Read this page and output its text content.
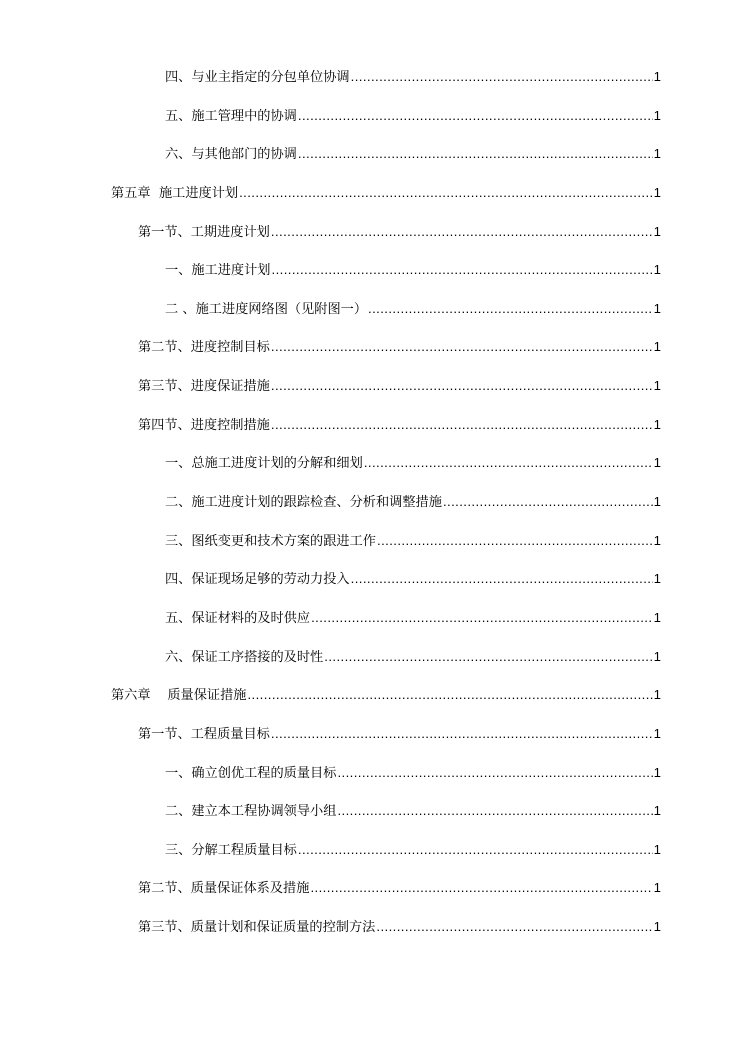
四、与业主指定的分包单位协调 .....	1
五、施工管理中的协调 .....	1
六、与其他部门的协调 .....	1
第五章  施工进度计划 .....	1
第一节、工期进度计划 .....	1
一、施工进度计划 .....	1
二 、施工进度网络图（见附图一） .....	1
第二节、进度控制目标 .....	1
第三节、进度保证措施 .....	1
第四节、进度控制措施 .....	1
一、总施工进度计划的分解和细划 .....	1
二、施工进度计划的跟踪检查、分析和调整措施 .....	1
三、图纸变更和技术方案的跟进工作 .....	1
四、保证现场足够的劳动力投入 .....	1
五、保证材料的及时供应 .....	1
六、保证工序搭接的及时性 .....	1
第六章    质量保证措施 .....	1
第一节、工程质量目标 .....	1
一、确立创优工程的质量目标 .....	1
二、建立本工程协调领导小组 .....	1
三、分解工程质量目标 .....	1
第二节、质量保证体系及措施 .....	1
第三节、质量计划和保证质量的控制方法 .....	1
